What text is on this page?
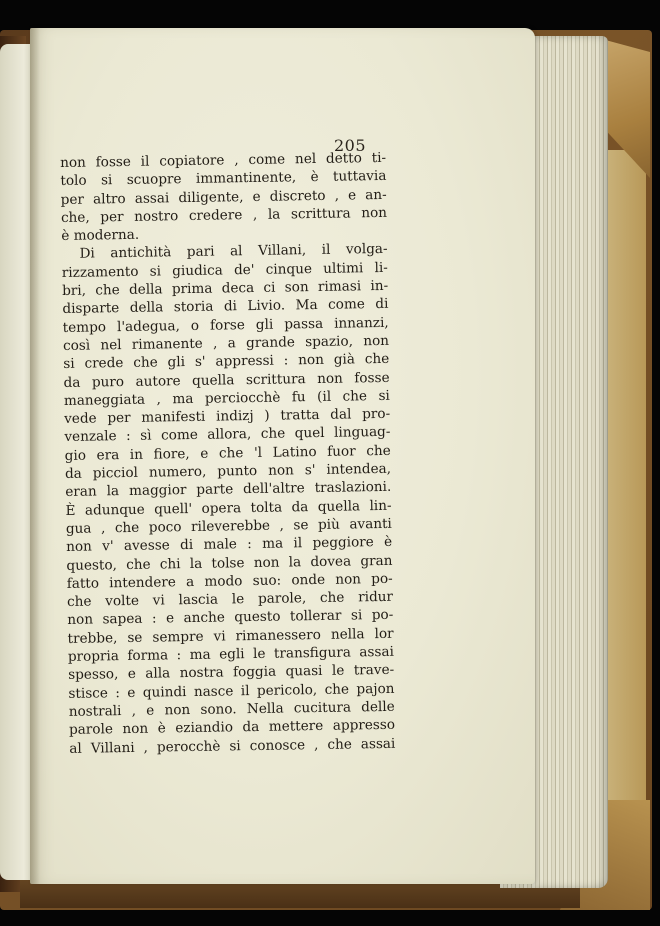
205
non fosse il copiatore , come nel detto ti-
tolo si scuopre immantinente, è tuttavia
per altro assai diligente, e discreto , e an-
che, per nostro credere , la scrittura non
è moderna.
Di antichità pari al Villani, il volga-
rizzamento si giudica de' cinque ultimi li-
bri, che della prima deca ci son rimasi in-
disparte della storia di Livio. Ma come di
tempo l'adegua, o forse gli passa innanzi,
così nel rimanente , a grande spazio, non
si crede che gli s' appressi : non già che
da puro autore quella scrittura non fosse
maneggiata , ma perciocchè fu (il che si
vede per manifesti indizj ) tratta dal pro-
venzale : sì come allora, che quel linguag-
gio era in fiore, e che 'l Latino fuor che
da picciol numero, punto non s' intendea,
eran la maggior parte dell'altre traslazioni.
È adunque quell' opera tolta da quella lin-
gua , che poco rileverebbe , se più avanti
non v' avesse di male : ma il peggiore è
questo, che chi la tolse non la dovea gran
fatto intendere a modo suo: onde non po-
che volte vi lascia le parole, che ridur
non sapea : e anche questo tollerar si po-
trebbe, se sempre vi rimanessero nella lor
propria forma : ma egli le transfigura assai
spesso, e alla nostra foggia quasi le trave-
stisce : e quindi nasce il pericolo, che pajon
nostrali , e non sono. Nella cucitura delle
parole non è eziandio da mettere appresso
al Villani , perocchè si conosce , che assai
